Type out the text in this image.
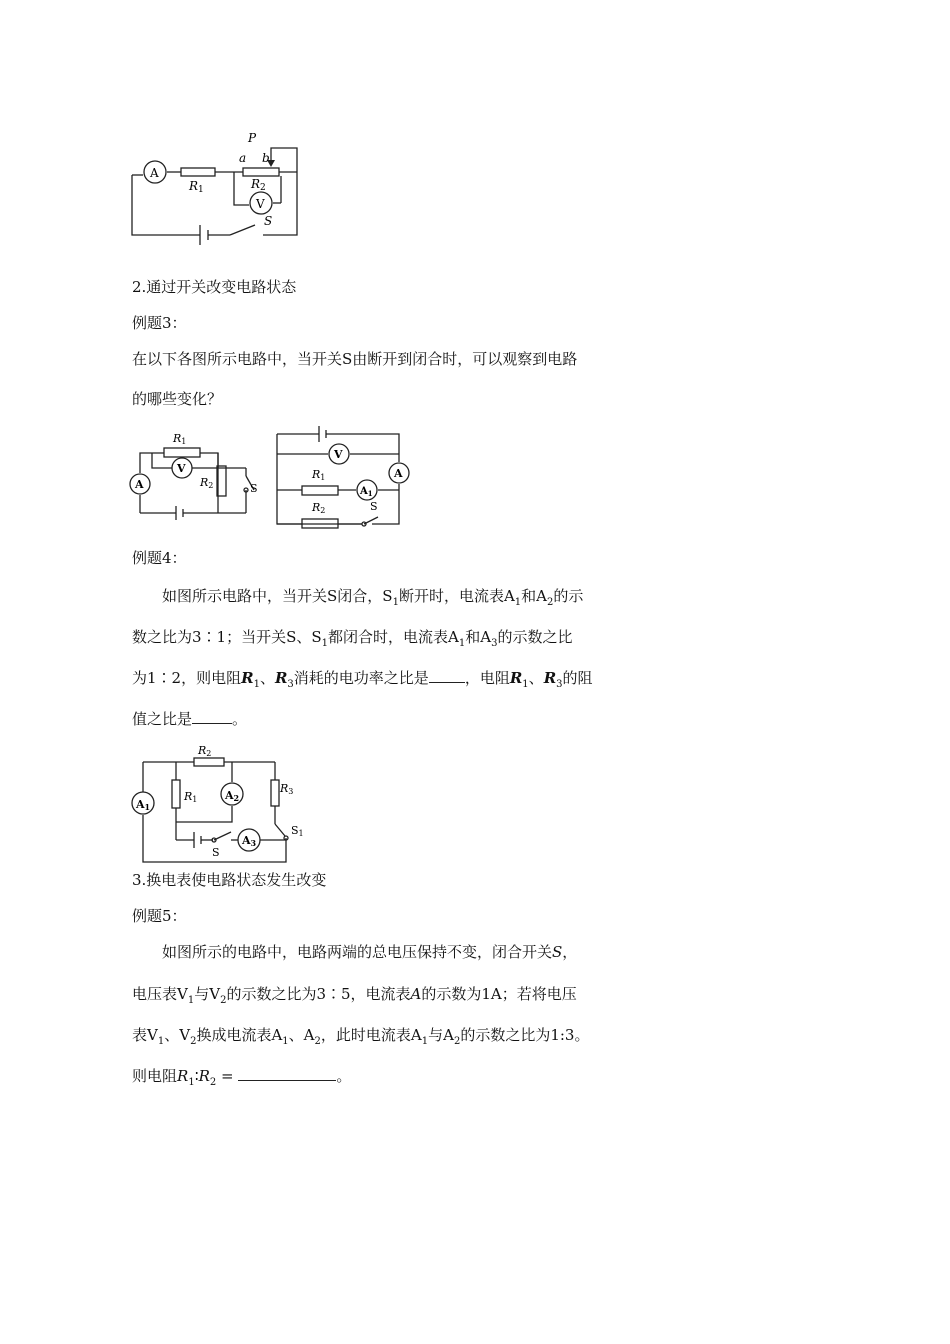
A
R1
a b
P
R2
V
S
2.通过开关改变电路状态
例题3：
在以下各图所示电路中，当开关S由断开到闭合时，可以观察到电路
的哪些变化？
R1
V
A	R2	S
V
A
R1
$A_1$
R2	S
例题4：
如图所示电路中，当开关S闭合，$S_1$断开时，电流表$A_1$和$A_2$的示
数之比为3∶1；当开关S、$S_1$都闭合时，电流表$A_1$和$A_3$的示数之比
为1∶2，则电阻$R_1$、$R_3$消耗的电功率之比是 ，电阻$R_1$、$R_3$的阻
值之比是	。
A1
R2
R1	A2
R3
S1
S
A3
3.换电表使电路状态发生改变
例题5：
如图所示的电路中，电路两端的总电压保持不变，闭合开关S，
电压表$V_1$与$V_2$的示数之比为3∶5，电流表A的示数为1A；若将电压
表$V_1$、$V_2$换成电流表$A_1$、$A_2$，此时电流表$A_1$与$A_2$的示数之比为1:3。
则电阻$R_1∶R_2$ =	。
